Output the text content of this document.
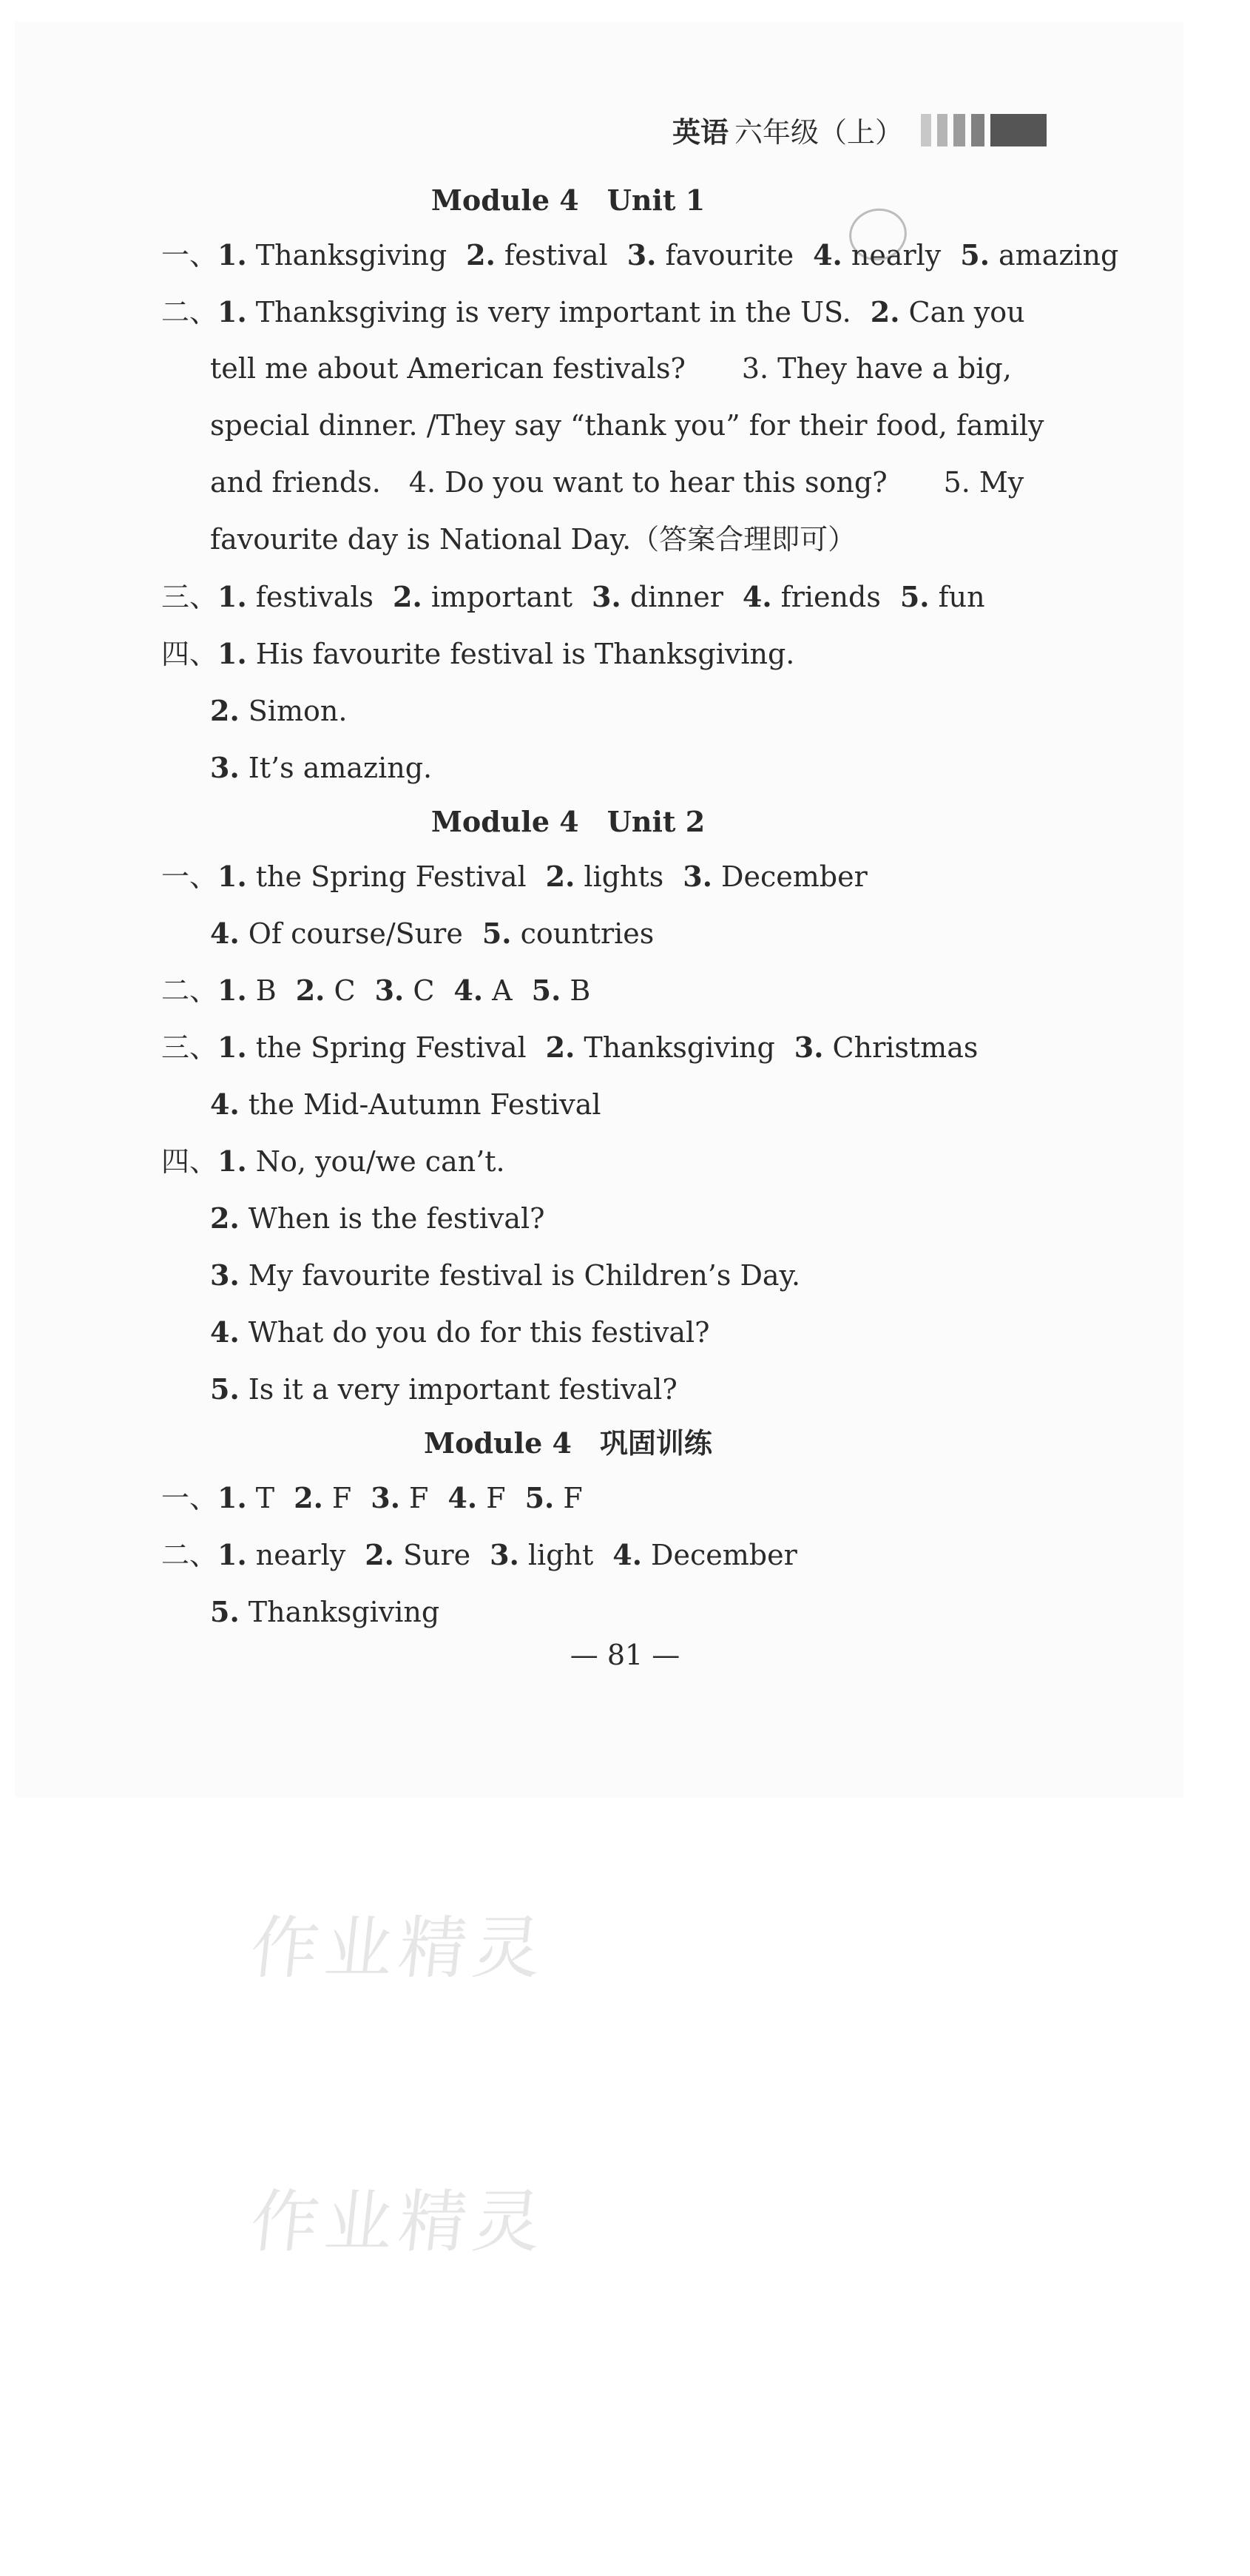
英语 六年级（上）
Module 4　Unit 1
一、1. Thanksgiving 2. festival 3. favourite 4. nearly 5. amazing
二、1. Thanksgiving is very important in the US. 2. Can you
tell me about American festivals?　　3. They have a big,
special dinner. /They say “thank you” for their food, family
and friends.　4. Do you want to hear this song?　　5. My
favourite day is National Day.（答案合理即可）
三、1. festivals 2. important 3. dinner 4. friends 5. fun
四、1. His favourite festival is Thanksgiving.
2. Simon.
3. It’s amazing.
Module 4　Unit 2
一、1. the Spring Festival 2. lights 3. December
4. Of course/Sure 5. countries
二、1. B 2. C 3. C 4. A 5. B
三、1. the Spring Festival 2. Thanksgiving 3. Christmas
4. the Mid-Autumn Festival
四、1. No, you/we can’t.
2. When is the festival?
3. My favourite festival is Children’s Day.
4. What do you do for this festival?
5. Is it a very important festival?
Module 4　巩固训练
一、1. T 2. F 3. F 4. F 5. F
二、1. nearly 2. Sure 3. light 4. December
5. Thanksgiving
— 81 —
作业精灵
作业精灵
